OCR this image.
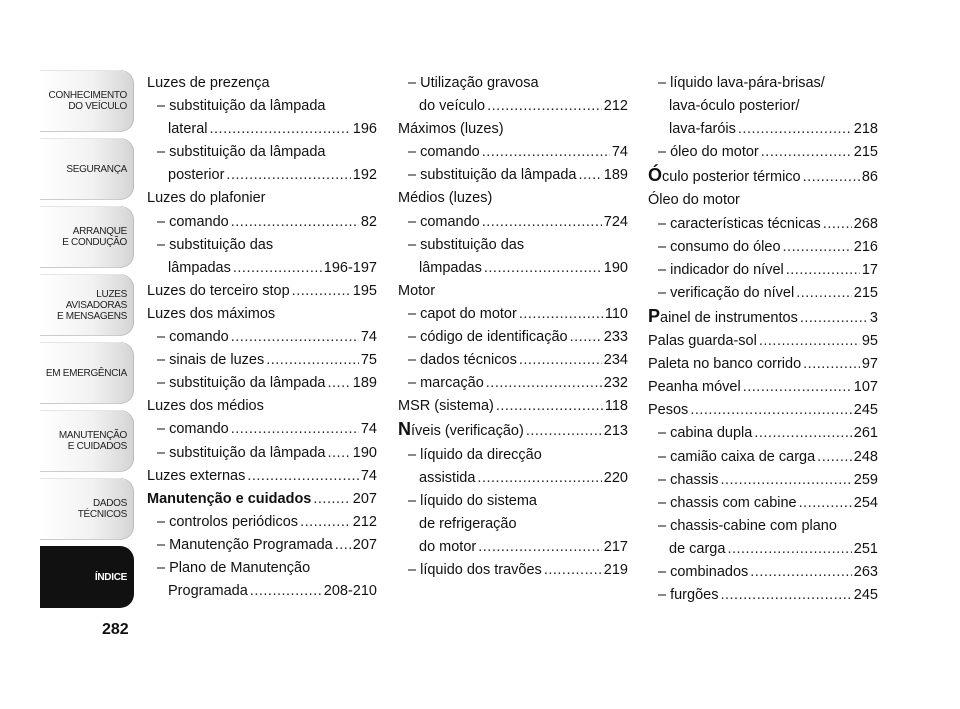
CONHECIMENTO
DO VEÍCULO
SEGURANÇA
ARRANQUE
E CONDUÇÃO
LUZES
AVISADORAS
E MENSAGENS
EM EMERGÊNCIA
MANUTENÇÃO
E CUIDADOS
DADOS
TÉCNICOS
ÍNDICE
282
Luzes de prezença
– substituição da lâmpada
lateral .....	196
– substituição da lâmpada
posterior .....	192
Luzes do plafonier
– comando .....	82
– substituição das
lâmpadas .....	196-197
Luzes do terceiro stop .....	195
Luzes dos máximos
– comando .....	74
– sinais de luzes .....	75
– substituição da lâmpada ..... 189
Luzes dos médios
– comando .....	74
– substituição da lâmpada ..... 190
Luzes externas .....	74
Manutenção e cuidados .....	207
– controlos periódicos .....	212
– Manutenção Programada ..... 207
– Plano de Manutenção
Programada .....	208-210
– Utilização gravosa
do veículo .....	212
Máximos (luzes)
– comando .....	74
– substituição da lâmpada ..... 189
Médios (luzes)
– comando .....	724
– substituição das
lâmpadas .....	190
Motor
– capot do motor .....	110
– código de identificação ..... 233
– dados técnicos .....	234
– marcação .....	232
MSR (sistema) .....	118
Níveis (verificação) .....	213
– líquido da direcção
assistida .....	220
– líquido do sistema
de refrigeração
do motor .....	217
– líquido dos travões .....	219
– líquido lava-pára-brisas/
lava-óculo posterior/
lava-faróis .....	218
– óleo do motor .....	215
Óculo posterior térmico .....	86
Óleo do motor
– características técnicas ..... 268
– consumo do óleo .....	216
– indicador do nível .....	17
– verificação do nível .....	215
Painel de instrumentos .....	3
Palas guarda-sol .....	95
Paleta no banco corrido .....	97
Peanha móvel .....	107
Pesos .....	245
– cabina dupla .....	261
– camião caixa de carga .....	248
– chassis .....	259
– chassis com cabine .....	254
– chassis-cabine com plano
de carga .....	251
– combinados .....	263
– furgões .....	245
